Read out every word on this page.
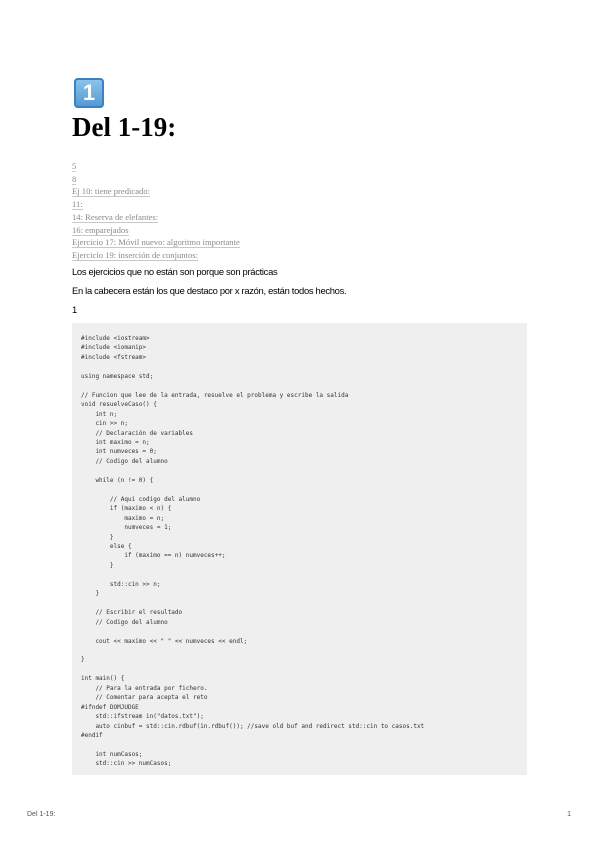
1
Del 1-19:
5
8
Ej 10: tiene predicado:
11:
14: Reserva de elefantes:
16: emparejados
Ejercicio 17: Móvil nuevo: algoritmo importante
Ejercicio 19: inserción de conjuntos:

Los ejercicios que no están son porque son prácticas

En la cabecera están los que destaco por x razón, están todos hechos.

1

#include <iostream>
#include <iomanip>
#include <fstream>

using namespace std;

// Funcion que lee de la entrada, resuelve el problema y escribe la salida
void resuelveCaso() {
int n;
cin >> n;
// Declaración de variables
int maximo = n;
int numveces = 0;
// Codigo del alumno

while (n != 0) {

// Aqui codigo del alumno
if (maximo < n) {
maximo = n;
numveces = 1;
}
else {
if (maximo == n) numveces++;
}

std::cin >> n;
}

// Escribir el resultado
// Codigo del alumno

cout << maximo << " " << numveces << endl;

}

int main() {
// Para la entrada por fichero.
// Comentar para acepta el reto
#ifndef DOMJUDGE
std::ifstream in("datos.txt");
auto cinbuf = std::cin.rdbuf(in.rdbuf()); //save old buf and redirect std::cin to casos.txt
#endif

int numCasos;
std::cin >> numCasos;
Del 1-19:	1
